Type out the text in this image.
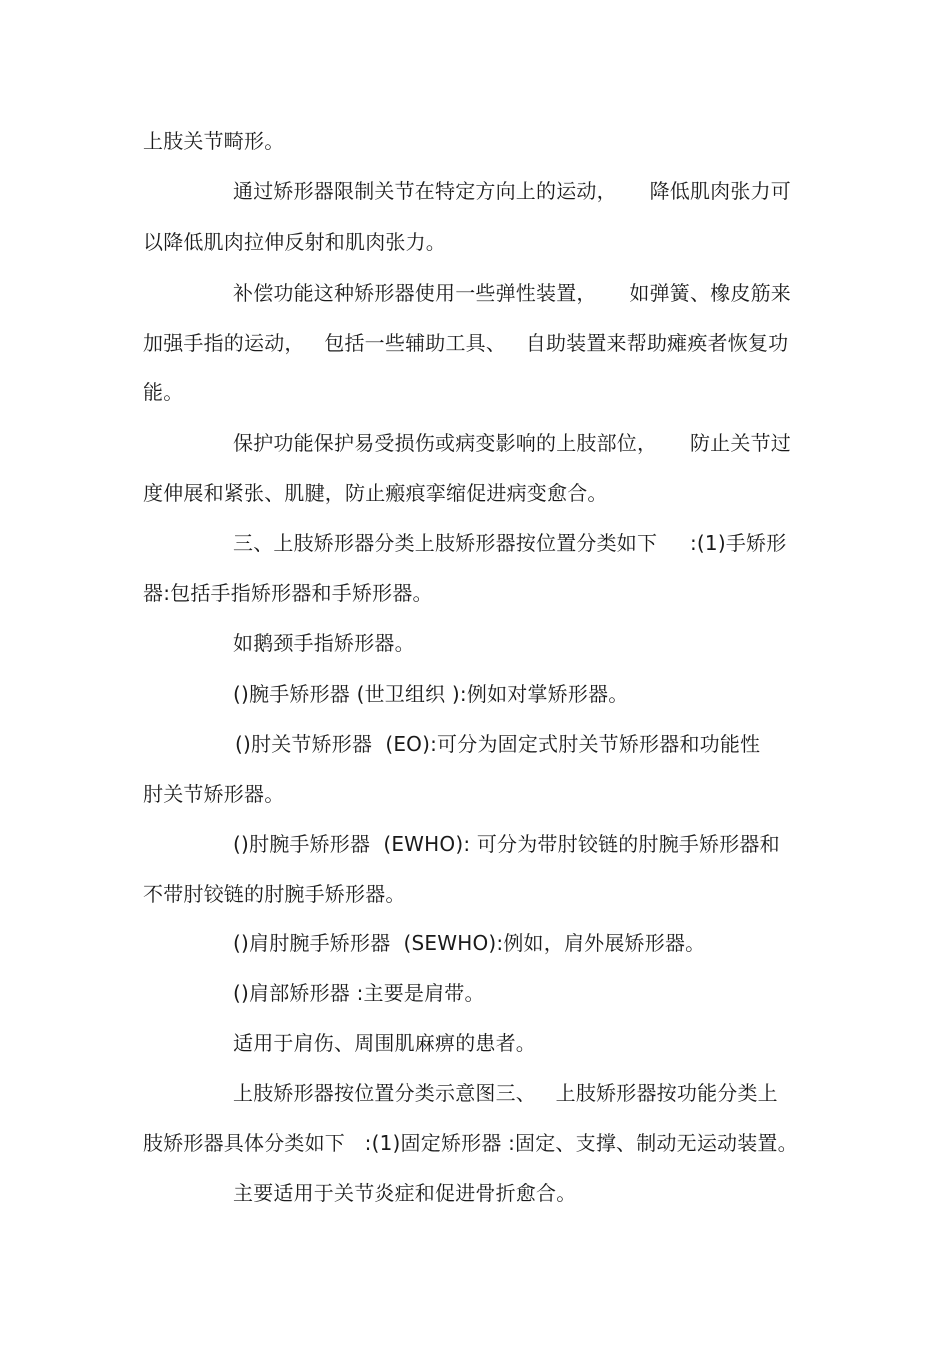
上肢关节畸形。
通过矫形器限制关节在特定方向上的运动，     降低肌肉张力可
以降低肌肉拉伸反射和肌肉张力。
补偿功能这种矫形器使用一些弹性装置，     如弹簧、橡皮筋来
加强手指的运动，   包括一些辅助工具、   自助装置来帮助瘫痪者恢复功
能。
保护功能保护易受损伤或病变影响的上肢部位，     防止关节过
度伸展和紧张、肌腱，防止瘢痕挛缩促进病变愈合。
三、上肢矫形器分类上肢矫形器按位置分类如下     :(1)手矫形
器:包括手指矫形器和手矫形器。
如鹅颈手指矫形器。
()腕手矫形器 (世卫组织 ):例如对掌矫形器。
()肘关节矫形器  (EO):可分为固定式肘关节矫形器和功能性
肘关节矫形器。
()肘腕手矫形器  (EWHO): 可分为带肘铰链的肘腕手矫形器和
不带肘铰链的肘腕手矫形器。
()肩肘腕手矫形器  (SEWHO):例如，肩外展矫形器。
()肩部矫形器 :主要是肩带。
适用于肩伤、周围肌麻痹的患者。
上肢矫形器按位置分类示意图三、   上肢矫形器按功能分类上
肢矫形器具体分类如下   :(1)固定矫形器 :固定、支撑、制动无运动装置。
主要适用于关节炎症和促进骨折愈合。
